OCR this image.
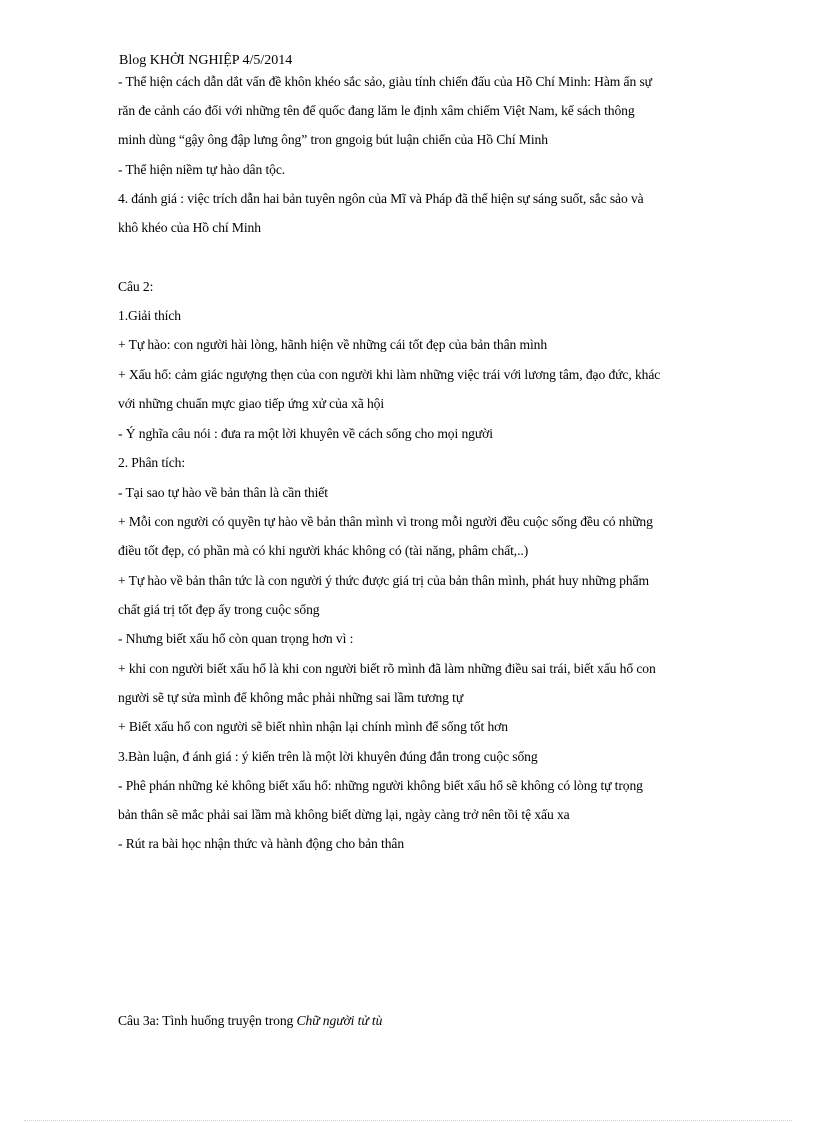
Blog KHỞI NGHIỆP 4/5/2014
- Thể hiện cách dẫn dắt vấn đề khôn khéo sắc sảo, giàu tính chiến đấu của Hồ Chí Minh: Hàm ẩn sự
răn đe cảnh cáo đối với những tên đế quốc đang lăm le định xâm chiếm Việt Nam, kế sách thông
minh dùng “gậy ông đập lưng ông” tron gngoig bút luận chiến của Hồ Chí Minh
- Thể hiện niềm tự hào dân tộc.
4. đánh giá : việc trích dẫn hai bản tuyên ngôn của Mĩ và Pháp đã thể hiện sự sáng suốt, sắc sảo và
khô khéo của Hồ chí Minh
Câu 2:
1.Giải thích
+ Tự hào: con người hài lòng, hãnh hiện về những cái tốt đẹp của bản thân mình
+ Xấu hổ: cảm giác ngượng thẹn của con người khi làm những việc trái với lương tâm, đạo đức, khác
với những chuẩn mực giao tiếp ứng xử của xã hội
- Ý nghĩa câu nói : đưa ra một lời khuyên về cách sống cho mọi người
2. Phân tích:
- Tại sao tự hào về bản thân là cần thiết
+ Mỗi con người có quyền tự hào về bản thân mình vì trong mỗi người đều cuộc sống đều có những
điều tốt đẹp, có phần mà có khi người khác không có (tài năng, phâm chất,..)
+ Tự hào về bản thân tức là con người ý thức được giá trị của bản thân mình, phát huy những phẩm
chất giá trị tốt đẹp ấy trong cuộc sống
- Nhưng biết xấu hổ còn quan trọng hơn vì :
+ khi con người biết xấu hổ là khi con người biết rõ mình đã làm những điều sai trái, biết xấu hổ con
người sẽ tự sửa mình để không mắc phải những sai lầm tương tự
+ Biết xấu hổ con người sẽ biết nhìn nhận lại chính mình để sống tốt hơn
3.Bàn luận, đ ánh giá : ý kiến trên là một lời khuyên đúng đắn trong cuộc sống
- Phê phán những kẻ không biết xấu hổ: những người không biết xấu hổ sẽ không có lòng tự trọng
bản thân sẽ mắc phải sai lầm mà không biết dừng lại, ngày càng trở nên tồi tệ xấu xa
- Rút ra bài học nhận thức và hành động cho bản thân
Câu 3a: Tình huống truyện trong Chữ người tử tù
